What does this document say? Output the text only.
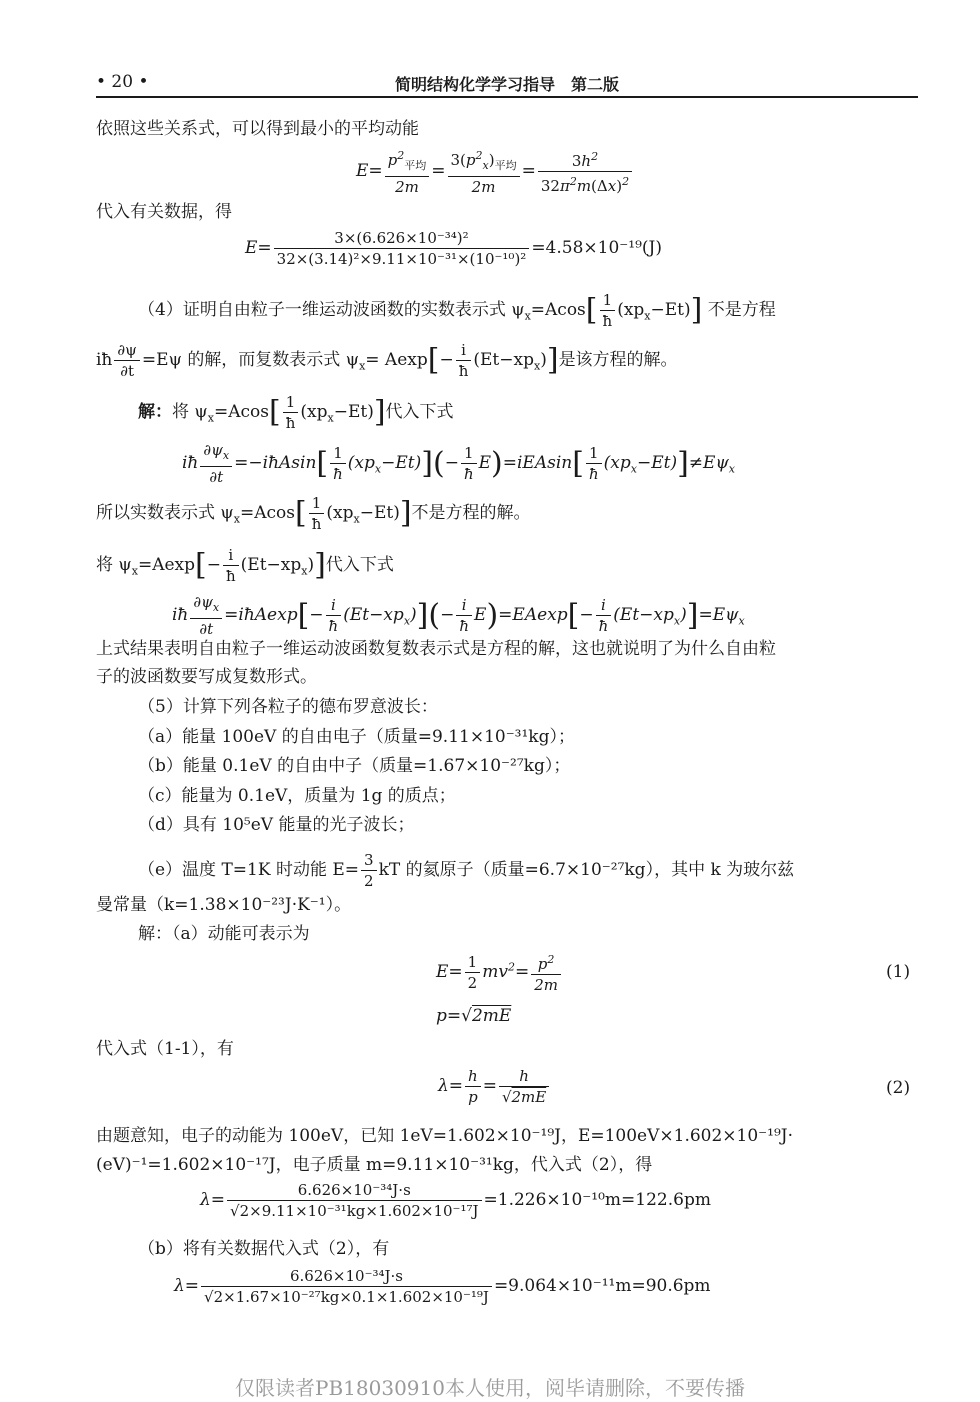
• 20 •	简明结构化学学习指导　第二版
依照这些关系式，可以得到最小的平均动能
$E= \frac{p^2_{平均}}{2m} = \frac{3(p^2_x)_{平均}}{2m} = \frac{3h^2}{32\pi^2m(\Delta x)^2}$
代入有关数据，得
$E= \frac{\text{3×(6.626×10⁻³⁴)²}}{\text{32×(3.14)²×9.11×10⁻³¹×(10⁻¹⁰)²}} =4.58\times 10^{-19}(J)$
（4）证明自由粒子一维运动波函数的实数表示式 $\psi_x=Acos[ \frac{1}{ħ} (xp_x-Et)]$ 不是方程
iħ $\frac{\partial\psi}{\partial t} =E\psi$ 的解，而复数表示式 $\psi_x= Aexp[- \frac{i}{ħ} (Et-xp_x)]$是该方程的解。
解：将 $\psi_x=Acos[ \frac{1}{ħ} (xp_x-Et)]$代入下式
iħ $\frac{\partial\psi_x}{\partial t}$ =−iħAsin[ $\frac{1}{ħ} (xp_x-Et)](- \frac{1}{ħ} E)=iEAsin[ \frac{1}{ħ} (xp_x-Et)]\ne E\psi_x$
所以实数表示式 $\psi_x=Acos[ \frac{1}{ħ} (xp_x-Et)]$不是方程的解。
将 $\psi_x=Aexp[- \frac{i}{ħ} (Et-xp_x)]$代入下式
iħ $\frac{\partial\psi_x}{\partial t}$ =iħAexp[− $\frac{i}{ħ} (Et-xp_x)](- \frac{i}{ħ} E)=EAexp[- \frac{i}{ħ} (Et-xp_x)]=E\psi_x$
上式结果表明自由粒子一维运动波函数复数表示式是方程的解，这也就说明了为什么自由粒
子的波函数要写成复数形式。
（5）计算下列各粒子的德布罗意波长：
（a）能量 100eV 的自由电子（质量=9.11×10⁻³¹kg）；
（b）能量 0.1eV 的自由中子（质量=1.67×10⁻²⁷kg）；
（c）能量为 0.1eV，质量为 1g 的质点；
（d）具有 10⁵eV 能量的光子波长；
（e）温度 T=1K 时动能 $E= \frac{3}{2}$ kT 的氦原子（质量=6.7×10⁻²⁷kg），其中 k 为玻尔兹
曼常量（k=1.38×10⁻²³J·K⁻¹）。
解：（a）动能可表示为
$E= \frac{1}{2} mv^2= \frac{p^2}{2m}$	(1)
p=√2mE
代入式（1-1），有
$\lambda= \frac{h}{p} = \frac{h}{√2mE}$	(2)
由题意知，电子的动能为 100eV，已知 1eV=1.602×10⁻¹⁹J，E=100eV×1.602×10⁻¹⁹J·
(eV)⁻¹=1.602×10⁻¹⁷J，电子质量 m=9.11×10⁻³¹kg，代入式（2），得
$\lambda= \frac{\text{6.626×10⁻³⁴J·s}}{\text{√2×9.11×10⁻³¹kg×1.602×10⁻¹⁷J}} =1.226\times 10^{-10}m=122.6pm$
（b）将有关数据代入式（2），有
$\lambda= \frac{\text{6.626×10⁻³⁴J·s}}{\text{√2×1.67×10⁻²⁷kg×0.1×1.602×10⁻¹⁹J}} =9.064\times 10^{-11}m=90.6pm$
仅限读者PB18030910本人使用，阅毕请删除，不要传播
